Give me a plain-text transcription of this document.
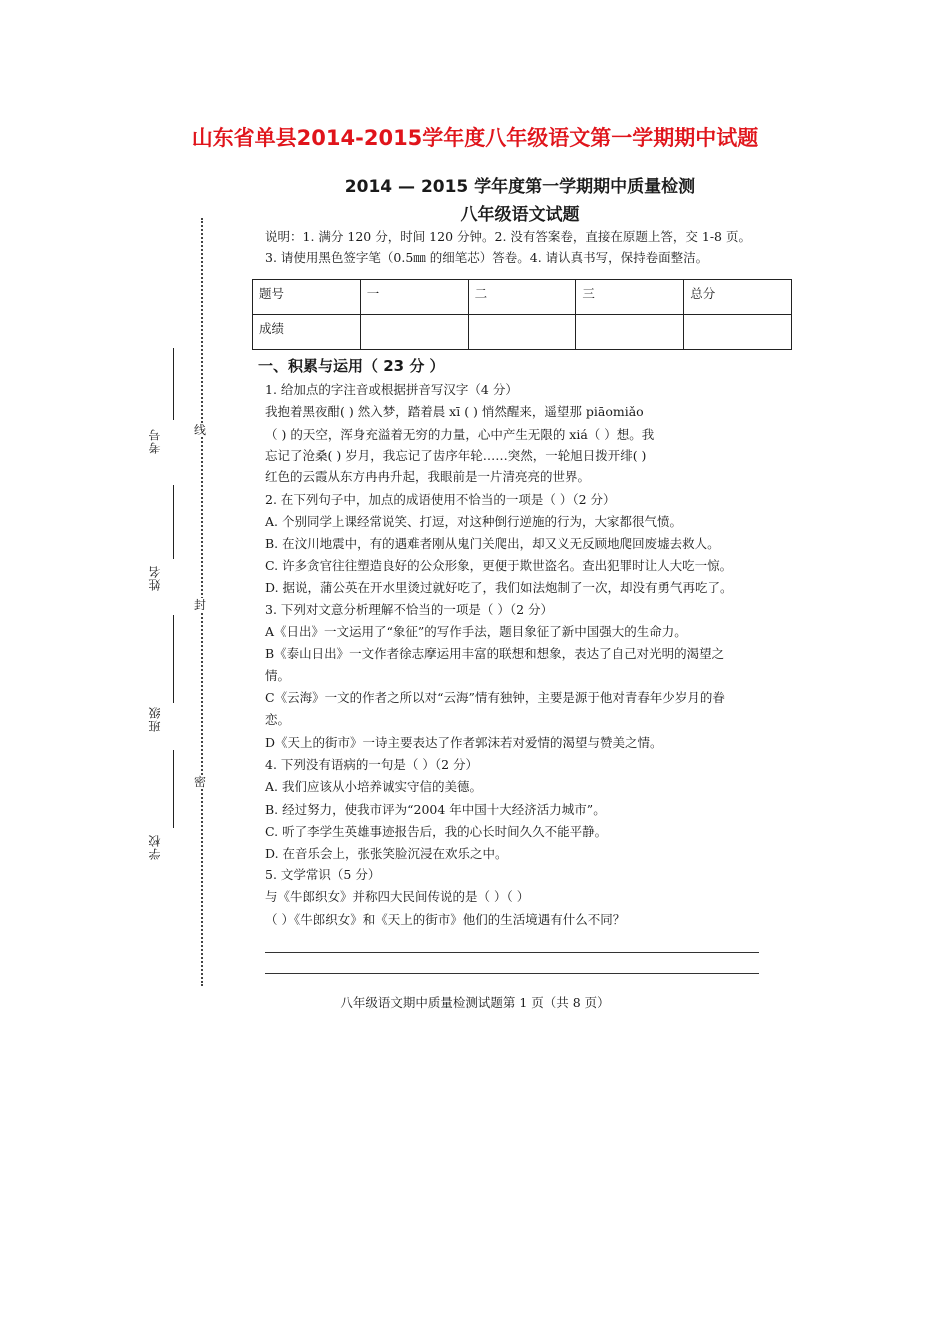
山东省单县2014-2015学年度八年级语文第一学期期中试题
2014 — 2015 学年度第一学期期中质量检测
八年级语文试题
说明：1. 满分 120 分，时间 120 分钟。2. 没有答案卷，直接在原题上答，交 1-8 页。
3. 请使用黑色签字笔（0.5㎜ 的细笔芯）答卷。4. 请认真书写，保持卷面整洁。
题号	一	二	三	总分
成绩				
线
封
密
考号
姓名
班级
学校
一、积累与运用（ 23 分 ）
1. 给加点的字注音或根据拼音写汉字（4 分）
我抱着黑夜酣( ) 然入梦，踏着晨 xī ( ) 悄然醒来，遥望那 piāomiǎo
（ ) 的天空，浑身充溢着无穷的力量，心中产生无限的 xiá（ ）想。我
忘记了沧桑( ) 岁月，我忘记了齿序年轮……突然，一轮旭日拨开绯( )
红色的云霞从东方冉冉升起，我眼前是一片清亮亮的世界。
2. 在下列句子中，加点的成语使用不恰当的一项是（ ）（2 分）
A. 个别同学上课经常说笑、打逗，对这种倒行逆施的行为，大家都很气愤。
B. 在汶川地震中，有的遇难者刚从鬼门关爬出，却又义无反顾地爬回废墟去救人。
C. 许多贪官往往塑造良好的公众形象，更便于欺世盗名。查出犯罪时让人大吃一惊。
D. 据说，蒲公英在开水里烫过就好吃了，我们如法炮制了一次，却没有勇气再吃了。
3. 下列对文意分析理解不恰当的一项是（ ）（2 分）
A《日出》一文运用了“象征”的写作手法，题目象征了新中国强大的生命力。
B《泰山日出》一文作者徐志摩运用丰富的联想和想象，表达了自己对光明的渴望之
情。
C《云海》一文的作者之所以对“云海”情有独钟，主要是源于他对青春年少岁月的眷
恋。
D《天上的街市》一诗主要表达了作者郭沫若对爱情的渴望与赞美之情。
4. 下列没有语病的一句是（ ）（2 分）
A. 我们应该从小培养诚实守信的美德。
B. 经过努力，使我市评为“2004 年中国十大经济活力城市”。
C. 听了李学生英雄事迹报告后，我的心长时间久久不能平静。
D. 在音乐会上，张张笑脸沉浸在欢乐之中。
5. 文学常识（5 分）
与《牛郎织女》并称四大民间传说的是（ ）（ ）
（ ）《牛郎织女》和《天上的街市》他们的生活境遇有什么不同？
八年级语文期中质量检测试题第 1 页（共 8 页）
